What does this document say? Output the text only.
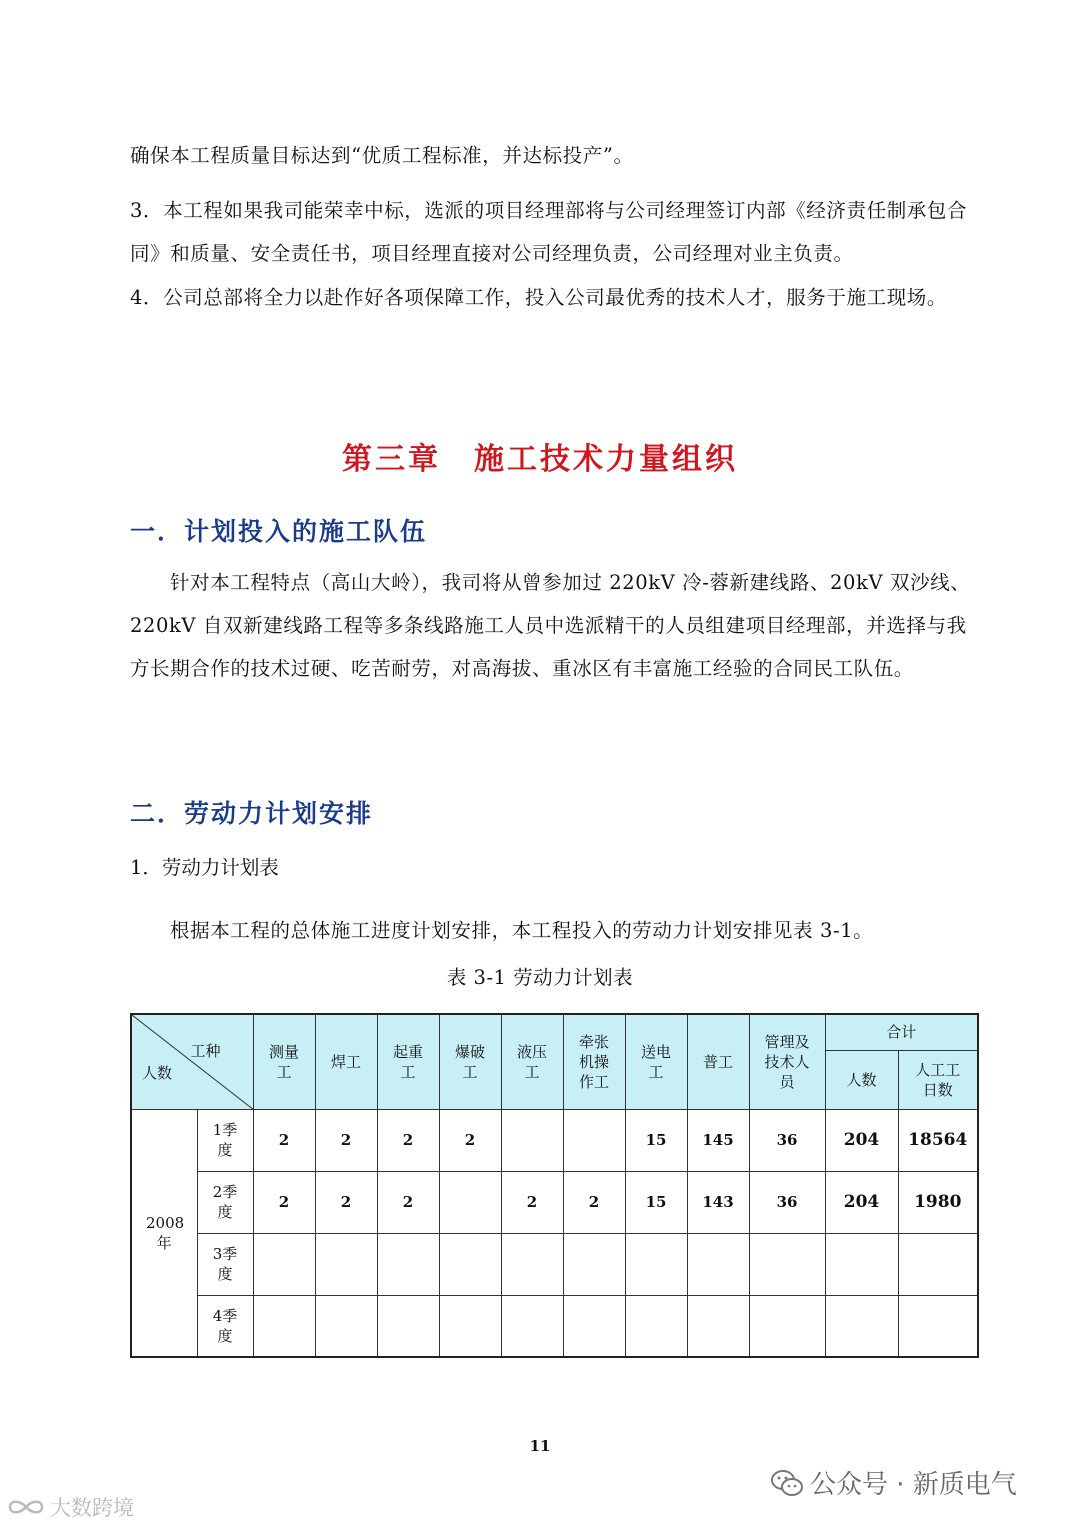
确保本工程质量目标达到“优质工程标准，并达标投产”。
3．本工程如果我司能荣幸中标，选派的项目经理部将与公司经理签订内部《经济责任制承包合同》和质量、安全责任书，项目经理直接对公司经理负责，公司经理对业主负责。
4．公司总部将全力以赴作好各项保障工作，投入公司最优秀的技术人才，服务于施工现场。
第三章　施工技术力量组织
一．计划投入的施工队伍
针对本工程特点（高山大岭），我司将从曾参加过 220kV 冷-蓉新建线路、20kV 双沙线、220kV 自双新建线路工程等多条线路施工人员中选派精干的人员组建项目经理部，并选择与我方长期合作的技术过硬、吃苦耐劳，对高海拔、重冰区有丰富施工经验的合同民工队伍。
二．劳动力计划安排
1．劳动力计划表
根据本工程的总体施工进度计划安排，本工程投入的劳动力计划安排见表 3-1。
表 3-1 劳动力计划表
工种
人数		测量工	焊工	起重工	爆破工	液压工	牵张机操作工	送电工	普工	管理及技术人员	合计	
											人数	人工工日数
2008年	1季度	2	2	2	2			15	145	36	204	18564
	2季度	2	2	2		2	2	15	143	36	204	1980
	3季度											
	4季度											
11
公众号 · 新质电气
大数跨境
